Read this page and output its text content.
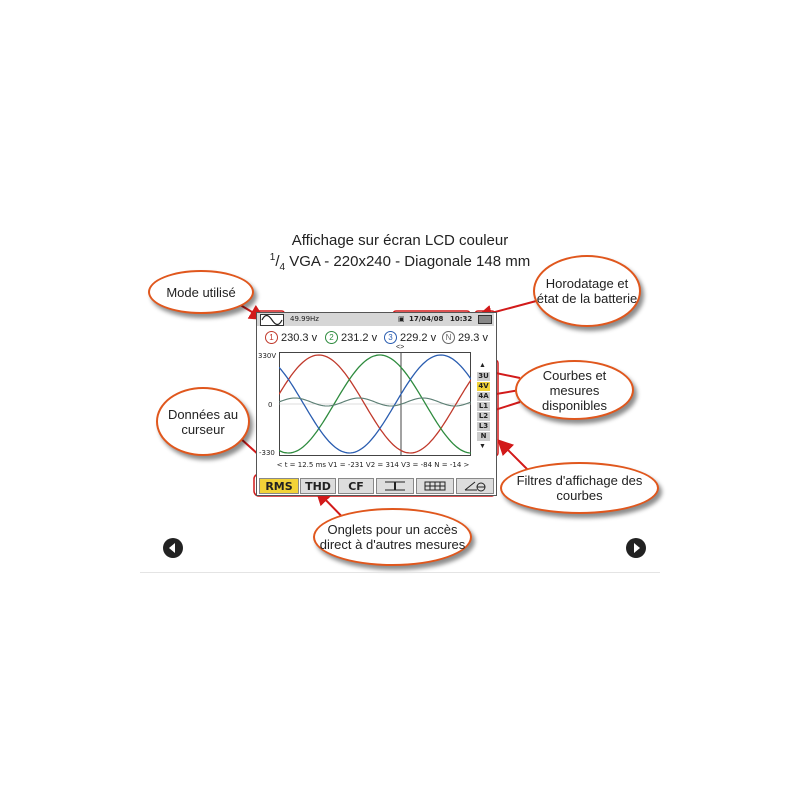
Affichage sur écran LCD couleur
$^1/_4$ VGA - 220x240 - Diagonale 148 mm
49.99Hz	▣ 17/04/08 10:32
1 230.3 v	2 231.2 v	3 229.2 v	N 29.3 v
330V
0
-330
<>
▲
3U
4V
4A
L1
L2
L3
N
▼
< t = 12.5 ms V1 = -231 V2 = 314 V3 = -84 N = -14 >
RMS	THD	CF
Mode utilisé
Horodatage et état de la batterie
Courbes et mesures disponibles
Données au curseur
Filtres d'affichage des courbes
Onglets pour un accès direct à d'autres mesures
